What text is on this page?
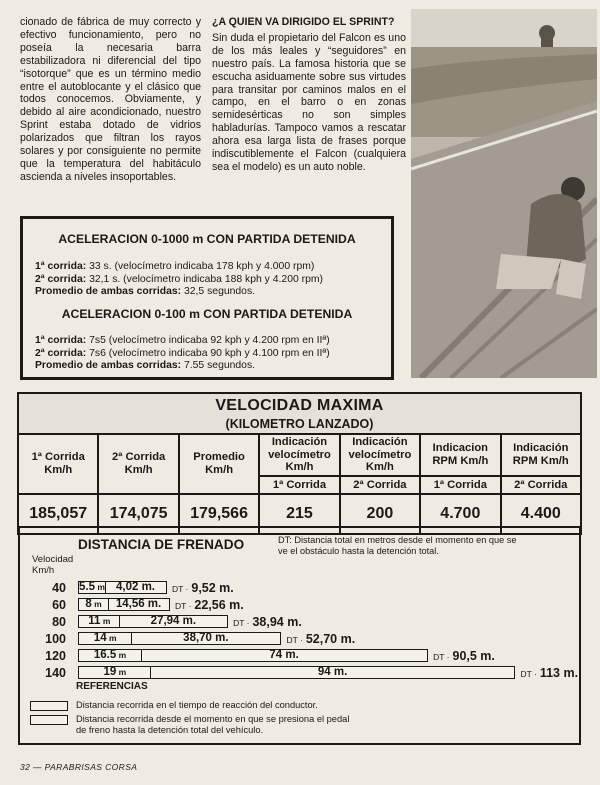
cionado de fábrica de muy correcto y efectivo funcionamiento, pero no poseía la necesaria barra estabilizadora ni diferencial del tipo “isotorque” que es un término medio entre el autoblocante y el clásico que todos conocemos. Obviamente, y debido al aire acondicionado, nuestro Sprint estaba dotado de vidrios polarizados que filtran los rayos solares y por consiguiente no permite que la temperatura del habitáculo ascienda a niveles insoportables.

¿A QUIEN VA DIRIGIDO EL SPRINT?

Sin duda el propietario del Falcon es uno de los más leales y “seguidores” en nuestro país. La famosa historia que se escucha asiduamente sobre sus virtudes para transitar por caminos malos en el campo, en el barro o en zonas semidesérticas no son simples habladurías. Tampoco vamos a rescatar ahora esa larga lista de frases porque indiscutiblemente el Falcon (cualquiera sea el modelo) es un auto noble.

ACELERACION 0-1000 m CON PARTIDA DETENIDA
1ª corrida: 33 s. (velocímetro indicaba 178 kph y 4.000 rpm)
2ª corrida: 32,1 s. (velocímetro indicaba 188 kph y 4.200 rpm)
Promedio de ambas corridas: 32,5 segundos.
ACELERACION 0-100 m CON PARTIDA DETENIDA
1ª corrida: 7s5 (velocímetro indicaba 92 kph y 4.200 rpm en IIª)
2ª corrida: 7s6 (velocímetro indicaba 90 kph y 4.100 rpm en IIª)
Promedio de ambas corridas: 7.55 segundos.
VELOCIDAD MAXIMA
(KILOMETRO LANZADO)						

1ª Corrida Km/h	2ª Corrida Km/h	Promedio Km/h	Indicación velocímetro Km/h	Indicación velocímetro Km/h	Indicacion RPM Km/h	Indicación RPM Km/h
			1ª Corrida	2ª Corrida	1ª Corrida	2ª Corrida
185,057	174,075	179,566	215	200	4.700	4.400
DISTANCIA DE FRENADO	DT: Distancia total en metros desde el momento en que se ve el obstáculo hasta la detención total.
Velocidad
Km/h
40 5.5 m 4,02 m.	DT · 9,52 m.
60	8 m	14,56 m.	DT · 22,56 m.
80	11 m	27,94 m.	DT · 38,94 m.
100	14 m	38,70 m.	DT · 52,70 m.
120	16.5 m	74 m.	DT · 90,5 m.
140	19 m	94 m.	DT · 113 m.
REFERENCIAS
Distancia recorrida en el tiempo de reacción del conductor.
Distancia recorrida desde el momento en que se presiona el pedal de freno hasta la detención total del vehículo.
32 — PARABRISAS CORSA
